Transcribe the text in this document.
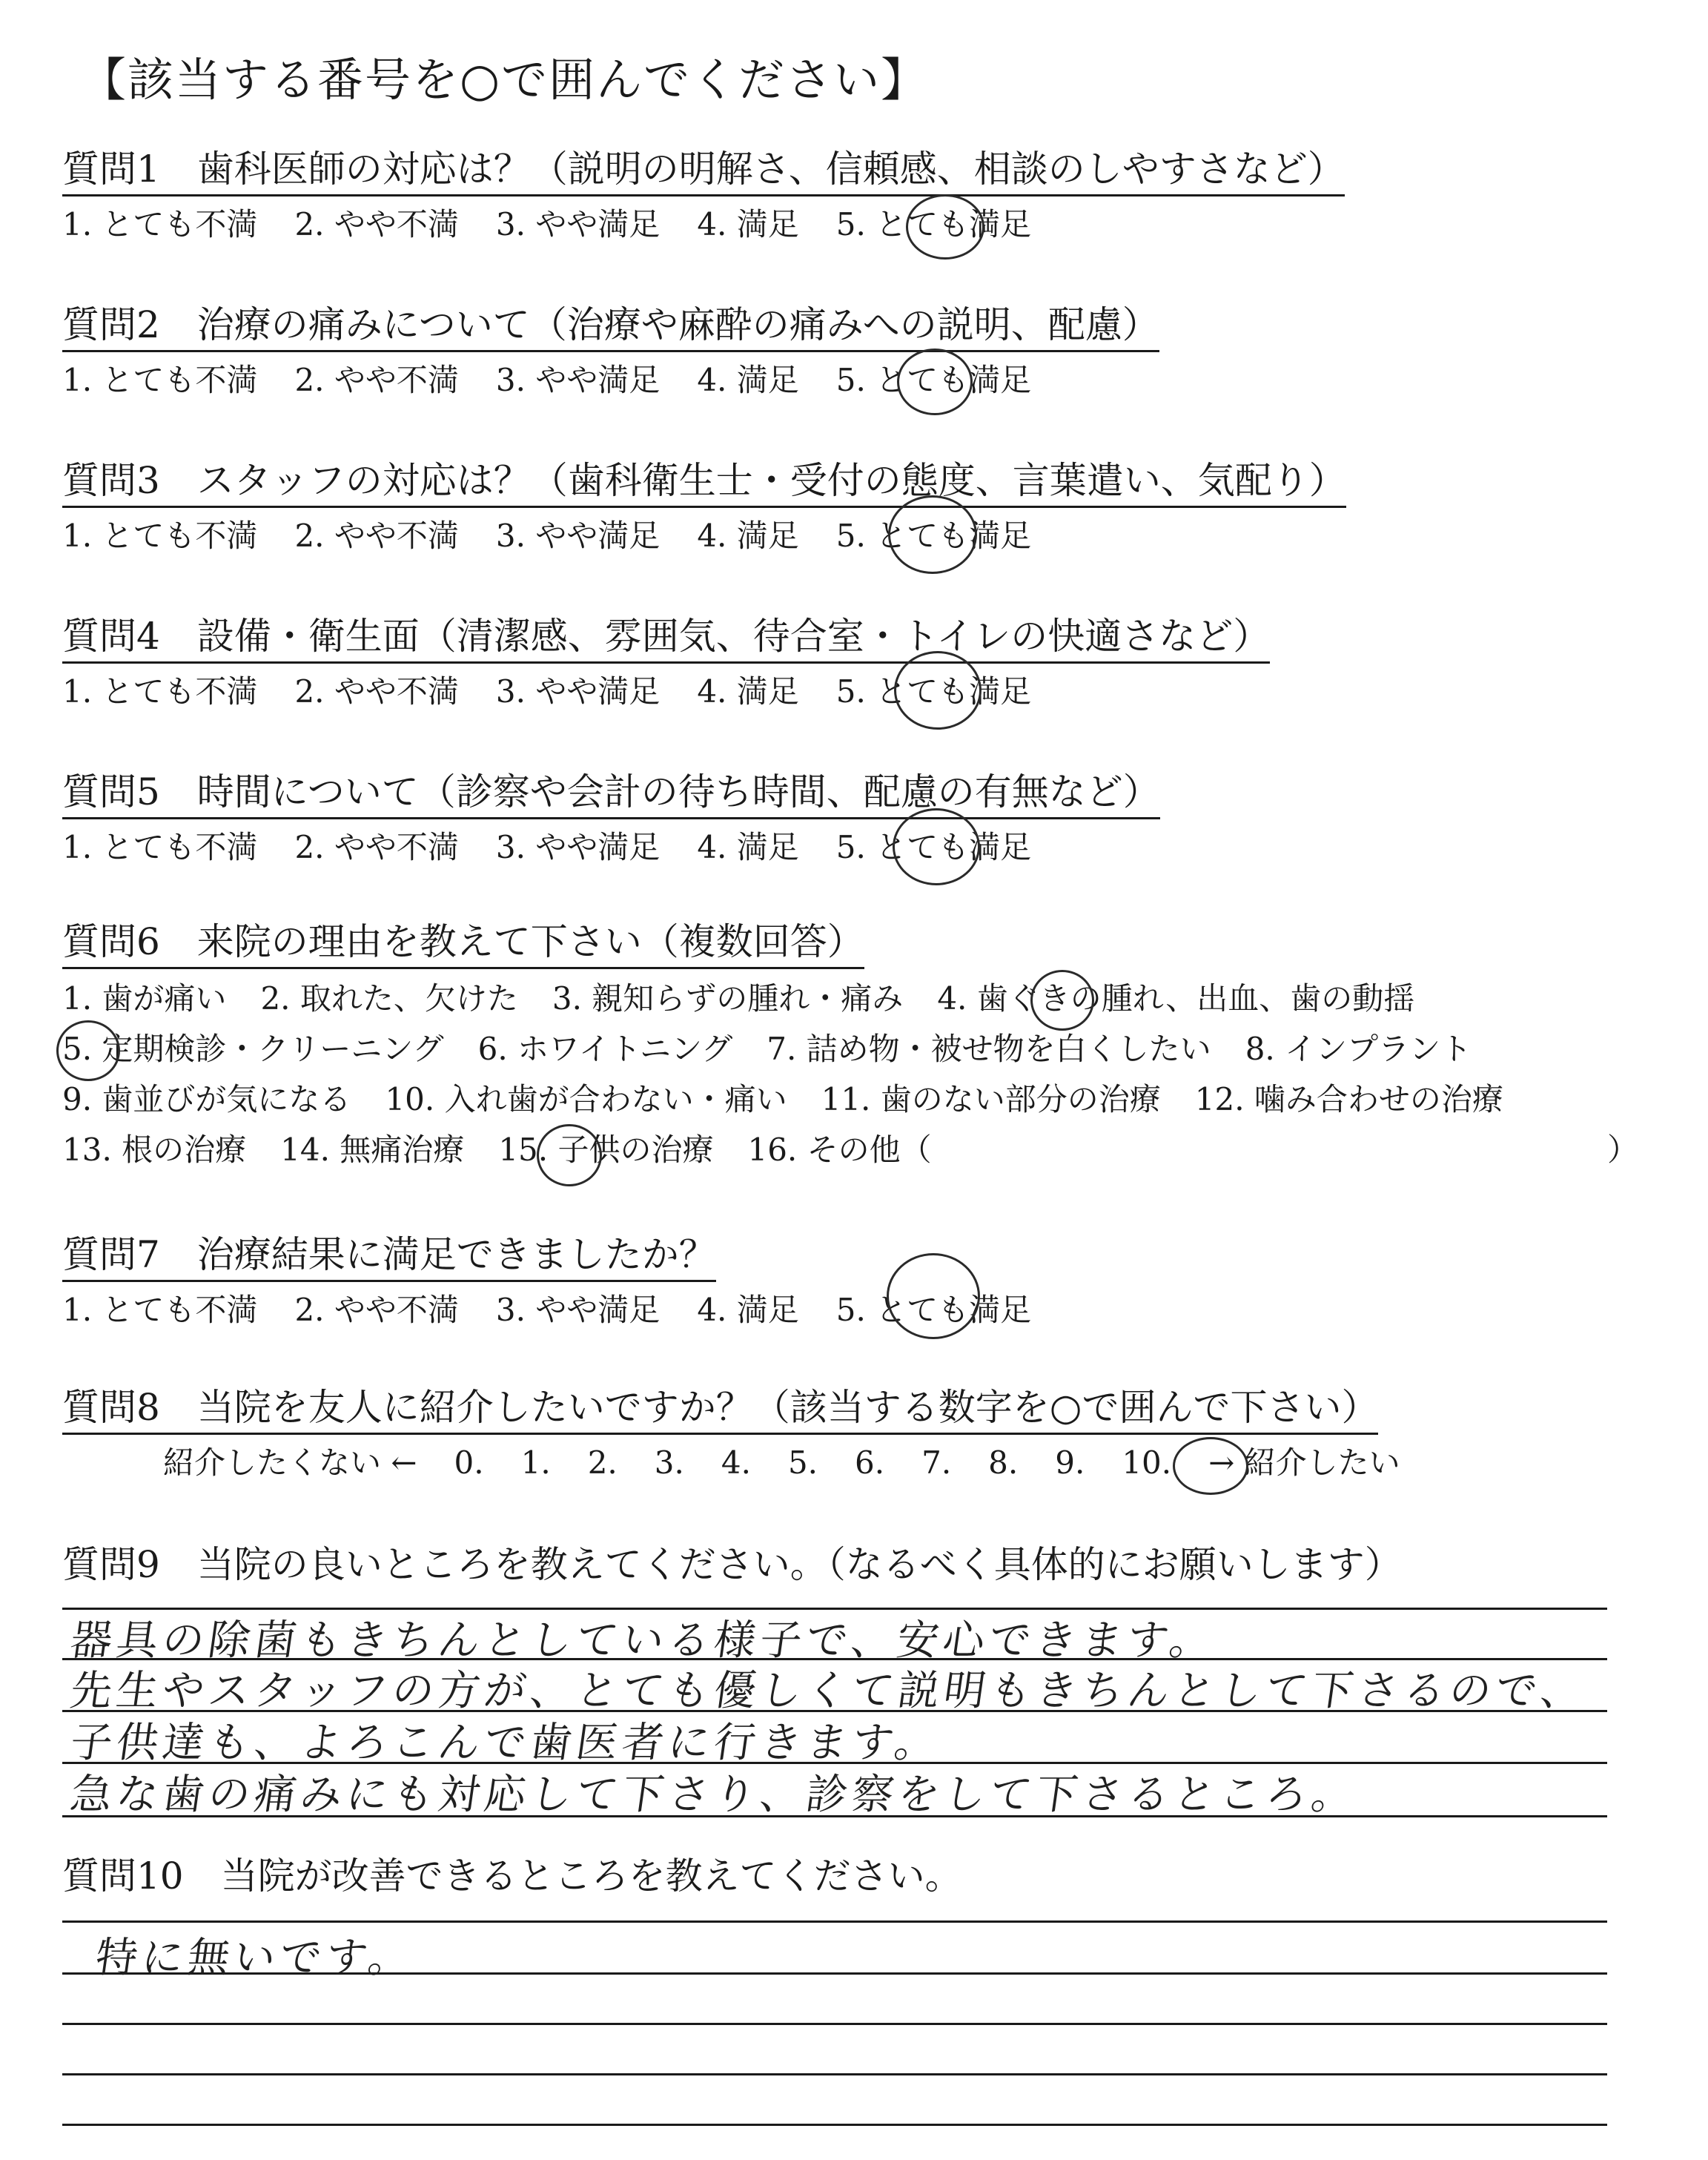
【該当する番号を○で囲んでください】
質問1　歯科医師の対応は？（説明の明解さ、信頼感、相談のしやすさなど）
1. とても不満 2. やや不満 3. やや満足 4. 満足 5. とても満足
質問2　治療の痛みについて（治療や麻酔の痛みへの説明、配慮）
1. とても不満 2. やや不満 3. やや満足 4. 満足 5. とても満足
質問3　スタッフの対応は？（歯科衛生士・受付の態度、言葉遣い、気配り）
1. とても不満 2. やや不満 3. やや満足 4. 満足 5. とても満足
質問4　設備・衛生面（清潔感、雰囲気、待合室・トイレの快適さなど）
1. とても不満 2. やや不満 3. やや満足 4. 満足 5. とても満足
質問5　時間について（診察や会計の待ち時間、配慮の有無など）
1. とても不満 2. やや不満 3. やや満足 4. 満足 5. とても満足
質問6　来院の理由を教えて下さい（複数回答）
1. 歯が痛い 2. 取れた、欠けた 3. 親知らずの腫れ・痛み 4. 歯ぐきの腫れ、出血、歯の動揺
5. 定期検診・クリーニング 6. ホワイトニング 7. 詰め物・被せ物を白くしたい 8. インプラント
9. 歯並びが気になる 10. 入れ歯が合わない・痛い 11. 歯のない部分の治療 12. 噛み合わせの治療
13. 根の治療 14. 無痛治療 15. 子供の治療 16. その他（	）
質問7　治療結果に満足できましたか？
1. とても不満 2. やや不満 3. やや満足 4. 満足 5. とても満足
質問8　当院を友人に紹介したいですか？（該当する数字を○で囲んで下さい）
紹介したくない ← 0. 1. 2. 3. 4. 5. 6. 7. 8. 9. 10. → 紹介したい
質問9　当院の良いところを教えてください。（なるべく具体的にお願いします）
器具の除菌もきちんとしている様子で、安心できます。
先生やスタッフの方が、とても優しくて説明もきちんとして下さるので、
子供達も、よろこんで歯医者に行きます。
急な歯の痛みにも対応して下さり、診察をして下さるところ。
質問10　当院が改善できるところを教えてください。
特に無いです。
